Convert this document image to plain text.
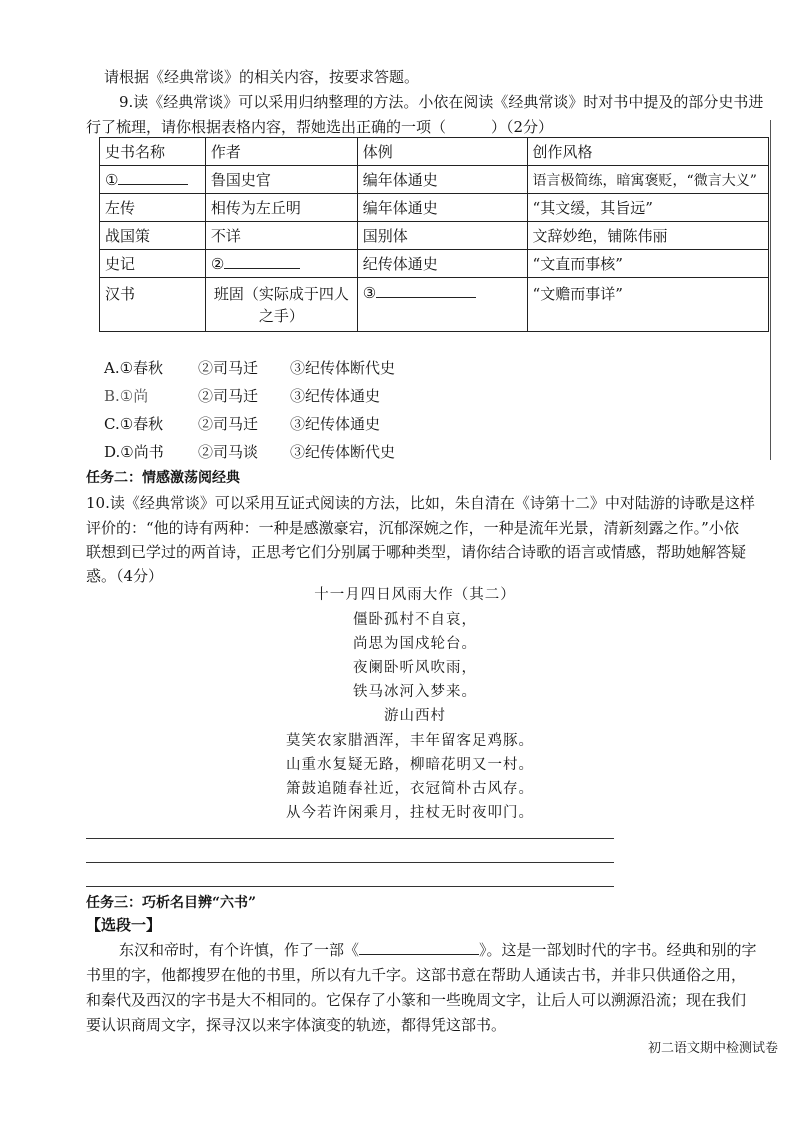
请根据《经典常谈》的相关内容，按要求答题。
9.读《经典常谈》可以采用归纳整理的方法。小依在阅读《经典常谈》时对书中提及的部分史书进
行了梳理，请你根据表格内容，帮她选出正确的一项（　　　）（2分）
史书名称	作者	体例	创作风格
①	鲁国史官	编年体通史	语言极简练，暗寓褒贬，“微言大义”
左传	相传为左丘明	编年体通史	“其文缓，其旨远”
战国策	不详	国别体	文辞妙绝，铺陈伟丽
史记	②	纪传体通史	“文直而事核”
汉书	班固（实际成于四人之手）	③	“文赡而事详”
A.①春秋 ②司马迁 ③纪传体断代史
B.①尚	②司马迁 ③纪传体通史
C.①春秋 ②司马迁 ③纪传体通史
D.①尚书 ②司马谈 ③纪传体断代史
任务二：情感激荡阅经典
10.读《经典常谈》可以采用互证式阅读的方法，比如，朱自清在《诗第十二》中对陆游的诗歌是这样
评价的：“他的诗有两种：一种是感激豪宕，沉郁深婉之作，一种是流年光景，清新刻露之作。”小依
联想到已学过的两首诗，正思考它们分别属于哪种类型，请你结合诗歌的语言或情感，帮助她解答疑
惑。（4分）
十一月四日风雨大作（其二）
僵卧孤村不自哀，
尚思为国戍轮台。
夜阑卧听风吹雨，
铁马冰河入梦来。
游山西村
莫笑农家腊酒浑，丰年留客足鸡豚。
山重水复疑无路，柳暗花明又一村。
箫鼓追随春社近，衣冠简朴古风存。
从今若许闲乘月，拄杖无时夜叩门。
任务三：巧析名目辨“六书”
【选段一】
东汉和帝时，有个许慎，作了一部《	》。这是一部划时代的字书。经典和别的字
书里的字，他都搜罗在他的书里，所以有九千字。这部书意在帮助人通读古书，并非只供通俗之用，
和秦代及西汉的字书是大不相同的。它保存了小篆和一些晚周文字，让后人可以溯源沿流；现在我们
要认识商周文字，探寻汉以来字体演变的轨迹，都得凭这部书。
初二语文期中检测试卷
